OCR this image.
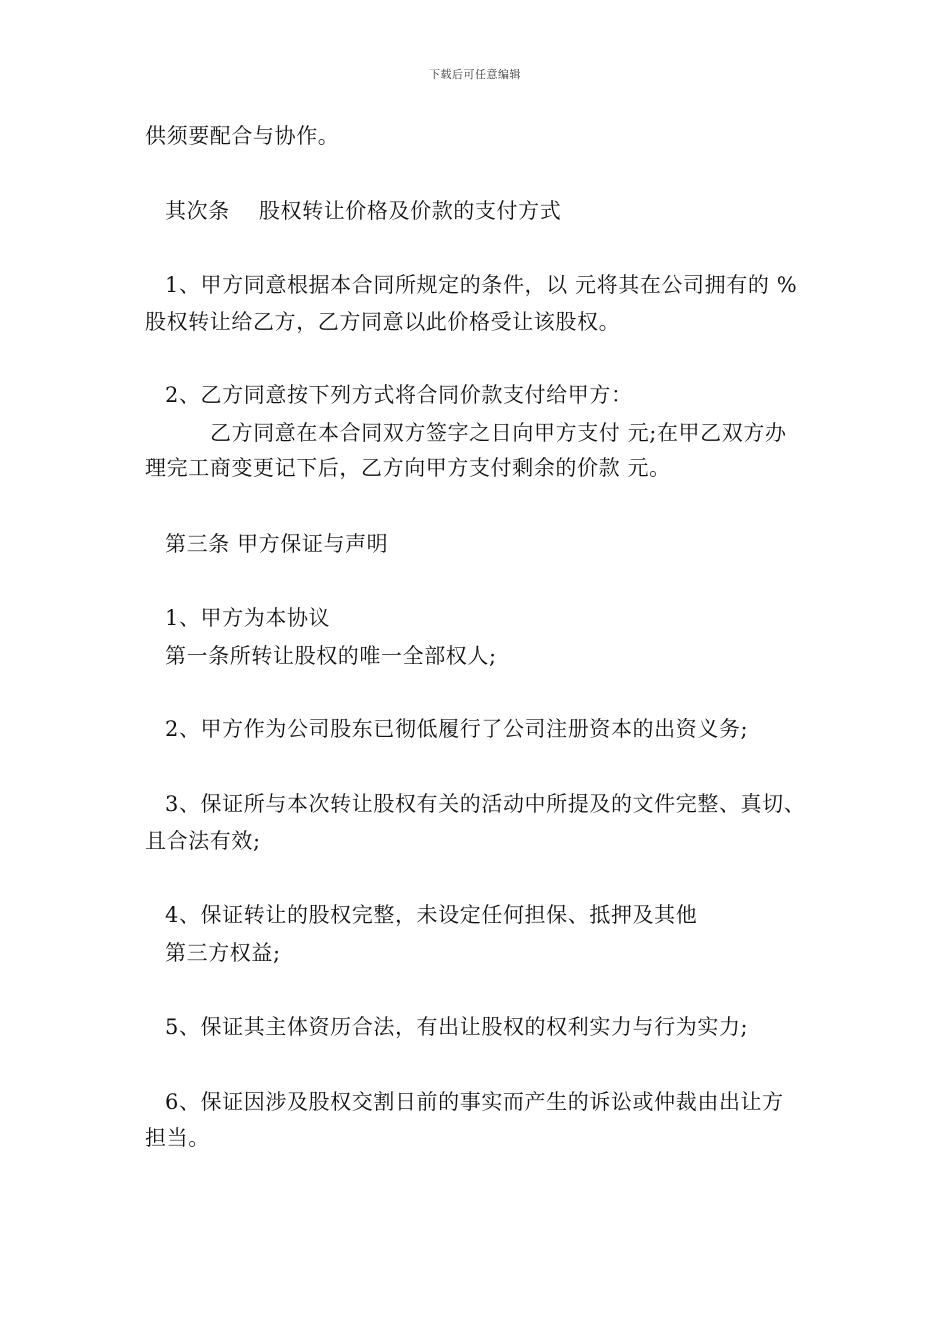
下载后可任意编辑
供须要配合与协作。
其次条    股权转让价格及价款的支付方式
1、甲方同意根据本合同所规定的条件，以 元将其在公司拥有的 %
股权转让给乙方，乙方同意以此价格受让该股权。
2、乙方同意按下列方式将合同价款支付给甲方：
乙方同意在本合同双方签字之日向甲方支付 元;在甲乙双方办
理完工商变更记下后，乙方向甲方支付剩余的价款 元。
第三条 甲方保证与声明
1、甲方为本协议
第一条所转让股权的唯一全部权人;
2、甲方作为公司股东已彻低履行了公司注册资本的出资义务;
3、保证所与本次转让股权有关的活动中所提及的文件完整、真切、
且合法有效;
4、保证转让的股权完整，未设定任何担保、抵押及其他
第三方权益;
5、保证其主体资历合法，有出让股权的权利实力与行为实力;
6、保证因涉及股权交割日前的事实而产生的诉讼或仲裁由出让方
担当。
